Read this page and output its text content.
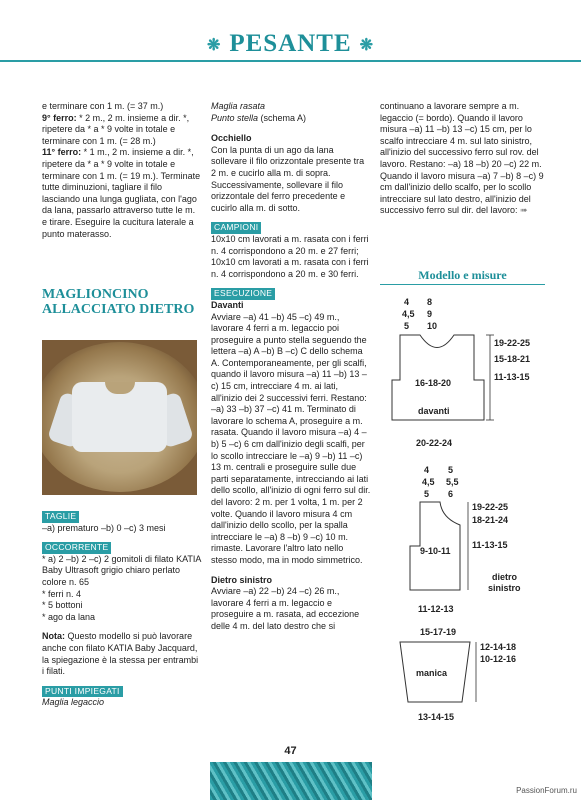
❋ PESANTE ❋

e terminare con 1 m. (= 37 m.)

9° ferro: * 2 m., 2 m. insieme a dir. *, ripetere da * a * 9 volte in totale e terminare con 1 m. (= 28 m.)

11° ferro: * 1 m., 2 m. insieme a dir. *, ripetere da * a * 9 volte in totale e terminare con 1 m. (= 19 m.). Terminate tutte diminuzioni, tagliare il filo lasciando una lunga gugliata, con l'ago da lana, passarlo attraverso tutte le m. e tirare. Eseguire la cucitura laterale a punto materasso.

MAGLIONCINO ALLACCIATO DIETRO
TAGLIE

–a) prematuro –b) 0 –c) 3 mesi

OCCORRENTE

* a) 2 –b) 2 –c) 2 gomitoli di filato KATIA Baby Ultrasoft grigio chiaro perlato colore n. 65

* ferri n. 4

* 5 bottoni

* ago da lana

Nota: Questo modello si può lavorare anche con filato KATIA Baby Jacquard, la spiegazione è la stessa per entrambi i filati.

PUNTI IMPIEGATI

Maglia legaccio

Maglia rasata

Punto stella (schema A)

Occhiello

Con la punta di un ago da lana sollevare il filo orizzontale presente tra 2 m. e cucirlo alla m. di sopra. Successivamente, sollevare il filo orizzontale del ferro precedente e cucirlo alla m. di sotto.

CAMPIONI

10x10 cm lavorati a m. rasata con i ferri n. 4 corrispondono a 20 m. e 27 ferri;

10x10 cm lavorati a m. rasata con i ferri n. 4 corrispondono a 20 m. e 30 ferri.

ESECUZIONE

Davanti

Avviare –a) 41 –b) 45 –c) 49 m., lavorare 4 ferri a m. legaccio poi proseguire a punto stella seguendo the lettera –a) A –b) B –c) C dello schema A. Contemporaneamente, per gli scalfi, quando il lavoro misura –a) 11 –b) 13 –c) 15 cm, intrecciare 4 m. ai lati, all'inizio dei 2 successivi ferri. Restano: –a) 33 –b) 37 –c) 41 m. Terminato di lavorare lo schema A, proseguire a m. rasata. Quando il lavoro misura –a) 4 –b) 5 –c) 6 cm dall'inizio degli scalfi, per lo scollo intrecciare le –a) 9 –b) 11 –c) 13 m. centrali e proseguire sulle due parti separatamente, intrecciando ai lati dello scollo, all'inizio di ogni ferro sul dir. del lavoro: 2 m. per 1 volta, 1 m. per 2 volte. Quando il lavoro misura 4 cm dall'inizio dello scollo, per la spalla intrecciare le –a) 8 –b) 9 –c) 10 m. rimaste. Lavorare l'altro lato nello stesso modo, ma in modo simmetrico.

Dietro sinistro

Avviare –a) 22 –b) 24 –c) 26 m., lavorare 4 ferri a m. legaccio e proseguire a m. rasata, ad eccezione delle 4 m. del lato destro che si

continuano a lavorare sempre a m. legaccio (= bordo). Quando il lavoro misura –a) 11 –b) 13 –c) 15 cm, per lo scalfo intrecciare 4 m. sul lato sinistro, all'inizio del successivo ferro sul rov. del lavoro. Restano: –a) 18 –b) 20 –c) 22 m. Quando il lavoro misura –a) 7 –b) 8 –c) 9 cm dall'inizio dello scalfo, per lo scollo intrecciare sul lato destro, all'inizio del successivo ferro sul dir. del lavoro: ➠

Modello e misure
4 8
4,5 9
5 10
19-22-25
15-18-21
11-13-15
16-18-20
davanti
20-22-24
4 5
4,5 5,5
5 6
19-22-25
18-21-24
11-13-15
9-10-11
dietro
sinistro
11-12-13
15-17-19
12-14-18
10-12-16
manica
13-14-15
47
PassionForum.ru
